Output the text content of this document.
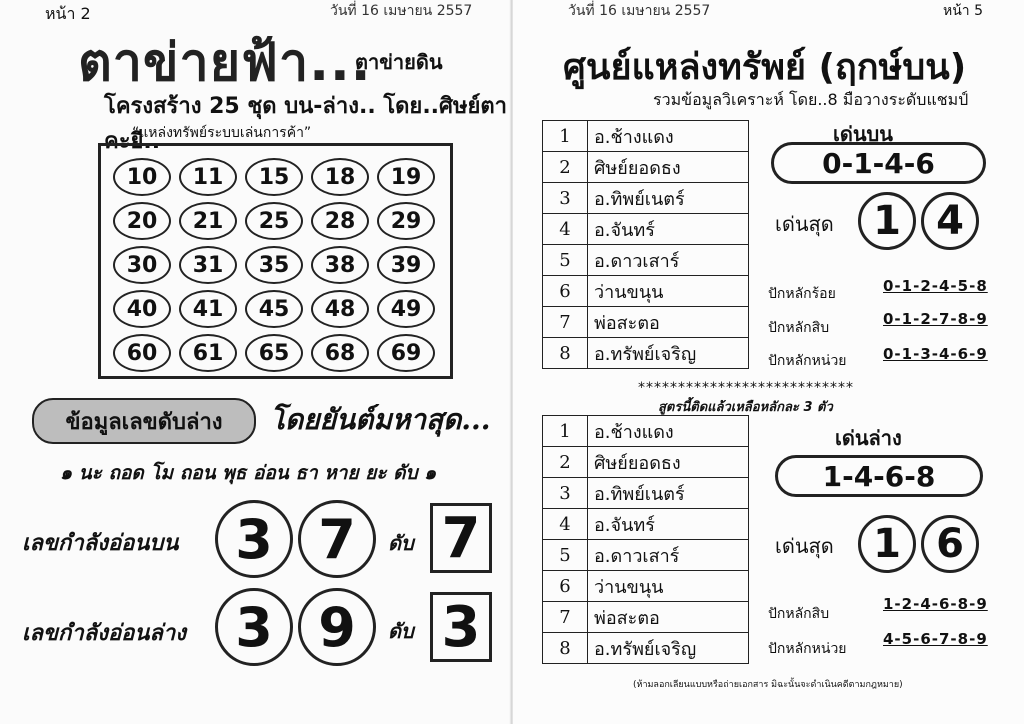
หน้า 2	วันที่ 16 เมษายน 2557
ตาข่ายฟ้า...
ตาข่ายดิน
โครงสร้าง 25 ชุด บน-ล่าง.. โดย..ศิษย์ตาคะยี..
“แหล่งทรัพย์ระบบเล่นการค้า”
10	11	15	18	19
20	21	25	28	29
30	31	35	38	39
40	41	45	48	49
60	61	65	68	69
ข้อมูลเลขดับล่าง	โดยยันต์มหาสุด...
๑ นะ ถอด โม ถอน พุธ อ่อน ธา หาย ยะ ดับ ๑
เลขกำลังอ่อนบน	3 7	ดับ 7
เลขกำลังอ่อนล่าง 3 9	ดับ 3
วันที่ 16 เมษายน 2557	หน้า 5
ศูนย์แหล่งทรัพย์ (ฤกษ์บน)
รวมข้อมูลวิเคราะห์ โดย..8 มือวางระดับแชมป์
1	อ.ช้างแดง
2	ศิษย์ยอดธง
3	อ.ทิพย์เนตร์
4	อ.จันทร์
5	อ.ดาวเสาร์
6	ว่านขนุน
7	พ่อสะตอ
8	อ.ทรัพย์เจริญ
เด่นบน
0-1-4-6
เด่นสุด 1 4
ปักหลักร้อย	0-1-2-4-5-8
ปักหลักสิบ	0-1-2-7-8-9
ปักหลักหน่วย 0-1-3-4-6-9
***************************
สูตรนี้ติดแล้วเหลือหลักละ 3 ตัว
1	อ.ช้างแดง
2	ศิษย์ยอดธง
3	อ.ทิพย์เนตร์
4	อ.จันทร์
5	อ.ดาวเสาร์
6	ว่านขนุน
7	พ่อสะตอ
8	อ.ทรัพย์เจริญ
เด่นล่าง
1-4-6-8
เด่นสุด 1 6
ปักหลักสิบ
1-2-4-6-8-9
ปักหลักหน่วย
4-5-6-7-8-9
(ห้ามลอกเลียนแบบหรือถ่ายเอกสาร มิฉะนั้นจะดำเนินคดีตามกฎหมาย)
